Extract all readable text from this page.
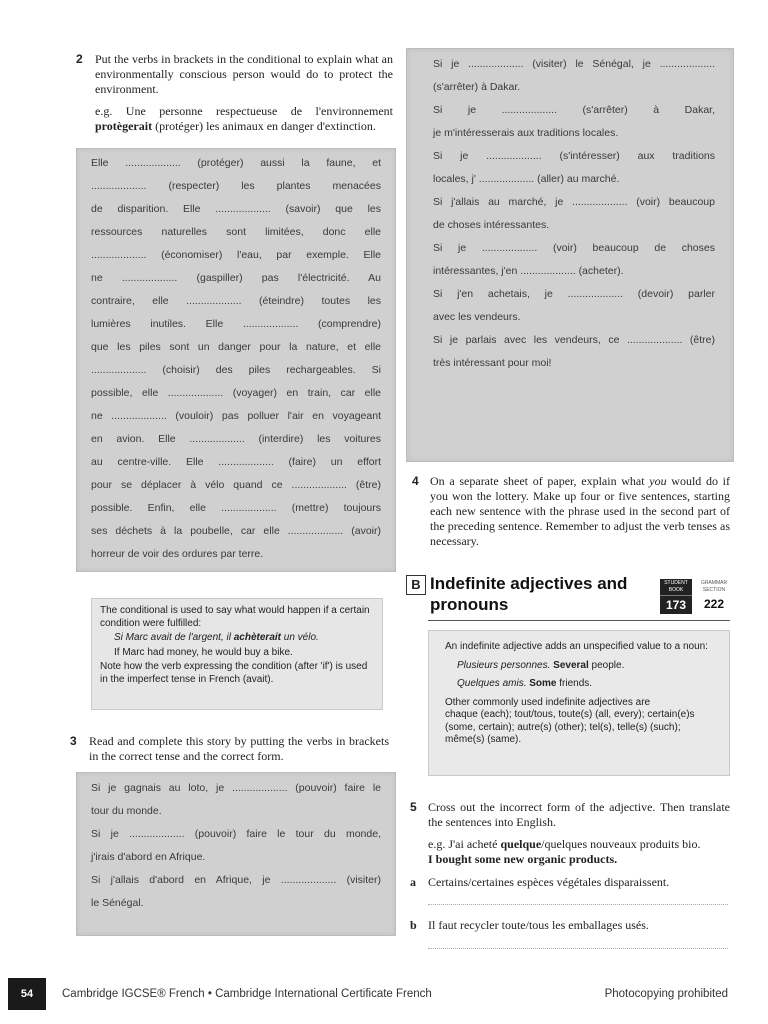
2 Put the verbs in brackets in the conditional to explain what an environmentally conscious person would do to protect the environment.
e.g. Une personne respectueuse de l'environnement protègerait (protéger) les animaux en danger d'extinction.

Elle ................... (protéger) aussi la faune, et

................... (respecter) les plantes menacées

de disparition. Elle ................... (savoir) que les

ressources naturelles sont limitées, donc elle

................... (économiser) l'eau, par exemple. Elle

ne ................... (gaspiller) pas l'électricité. Au

contraire, elle ................... (éteindre) toutes les

lumières inutiles. Elle ................... (comprendre)

que les piles sont un danger pour la nature, et elle

................... (choisir) des piles rechargeables. Si

possible, elle ................... (voyager) en train, car elle

ne ................... (vouloir) pas polluer l'air en voyageant

en avion. Elle ................... (interdire) les voitures

au centre-ville. Elle ................... (faire) un effort

pour se déplacer à vélo quand ce ................... (être)

possible. Enfin, elle ................... (mettre) toujours

ses déchets à la poubelle, car elle ................... (avoir)

horreur de voir des ordures par terre.

The conditional is used to say what would happen if a certain condition were fulfilled:

Si Marc avait de l'argent, il achèterait un vélo.

If Marc had money, he would buy a bike.

Note how the verb expressing the condition (after 'if') is used in the imperfect tense in French (avait).

3 Read and complete this story by putting the verbs in brackets in the correct tense and the correct form.

Si je gagnais au loto, je ................... (pouvoir) faire le

tour du monde.

Si je ................... (pouvoir) faire le tour du monde,

j'irais d'abord en Afrique.

Si j'allais d'abord en Afrique, je ................... (visiter)

le Sénégal.

Si je ................... (visiter) le Sénégal, je ...................

(s'arrêter) à Dakar.

Si je ................... (s'arrêter) à Dakar,

je m'intéresserais aux traditions locales.

Si je ................... (s'intéresser) aux traditions

locales, j' ................... (aller) au marché.

Si j'allais au marché, je ................... (voir) beaucoup

de choses intéressantes.

Si je ................... (voir) beaucoup de choses

intéressantes, j'en ................... (acheter).

Si j'en achetais, je ................... (devoir) parler

avec les vendeurs.

Si je parlais avec les vendeurs, ce ................... (être)

très intéressant pour moi!

4 On a separate sheet of paper, explain what you would do if you won the lottery. Make up four or five sentences, starting each new sentence with the phrase used in the second part of the preceding sentence. Remember to adjust the verb tenses as necessary.
B Indefinite adjectives and
pronouns
STUDENT BOOK
173
GRAMMAR SECTION
222

An indefinite adjective adds an unspecified value to a noun:

Plusieurs personnes. Several people.

Quelques amis. Some friends.

Other commonly used indefinite adjectives are

chaque (each); tout/tous, toute(s) (all, every); certain(e)s (some, certain); autre(s) (other); tel(s), telle(s) (such); même(s) (same).

5 Cross out the incorrect form of the adjective. Then translate the sentences into English.
e.g. J'ai acheté quelque/quelques nouveaux produits bio.
I bought some new organic products.
a Certains/certaines espèces végétales disparaissent.
b Il faut recycler toute/tous les emballages usés.
54	Cambridge IGCSE® French • Cambridge International Certificate French	Photocopying prohibited
